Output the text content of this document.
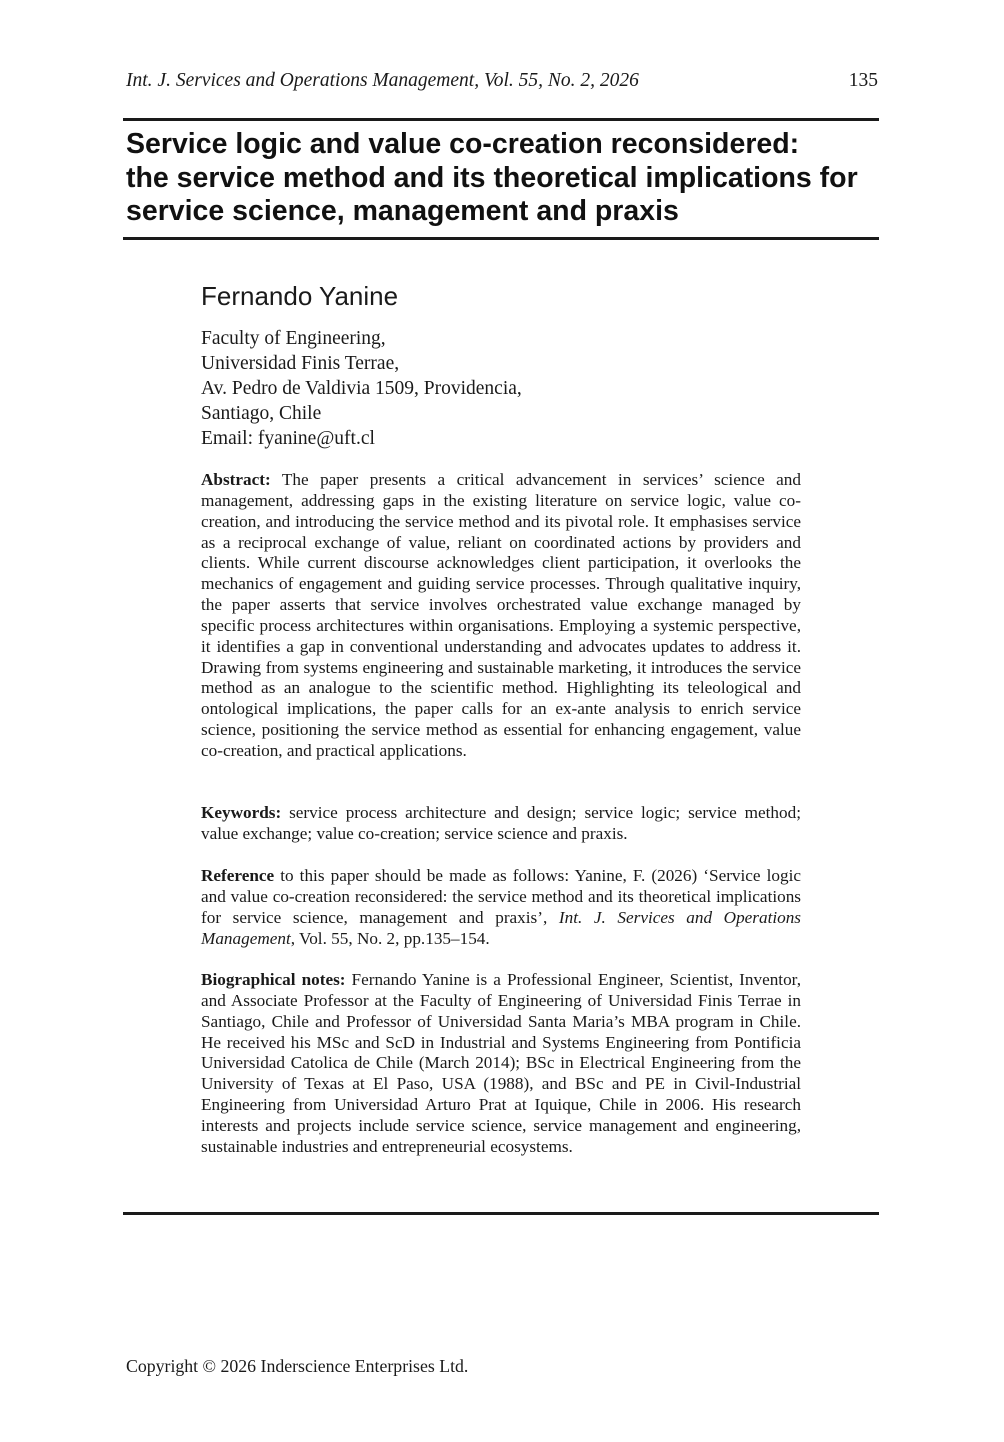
Int. J. Services and Operations Management, Vol. 55, No. 2, 2026	135
Service logic and value co-creation reconsidered:
the service method and its theoretical implications for
service science, management and praxis
Fernando Yanine
Faculty of Engineering,
Universidad Finis Terrae,
Av. Pedro de Valdivia 1509, Providencia,
Santiago, Chile
Email: fyanine@uft.cl

Abstract: The paper presents a critical advancement in services’ science and management, addressing gaps in the existing literature on service logic, value co-creation, and introducing the service method and its pivotal role. It emphasises service as a reciprocal exchange of value, reliant on coordinated actions by providers and clients. While current discourse acknowledges client participation, it overlooks the mechanics of engagement and guiding service processes. Through qualitative inquiry, the paper asserts that service involves orchestrated value exchange managed by specific process architectures within organisations. Employing a systemic perspective, it identifies a gap in conventional understanding and advocates updates to address it. Drawing from systems engineering and sustainable marketing, it introduces the service method as an analogue to the scientific method. Highlighting its teleological and ontological implications, the paper calls for an ex-ante analysis to enrich service science, positioning the service method as essential for enhancing engagement, value co-creation, and practical applications.

Keywords: service process architecture and design; service logic; service method; value exchange; value co-creation; service science and praxis.

Reference to this paper should be made as follows: Yanine, F. (2026) ‘Service logic and value co-creation reconsidered: the service method and its theoretical implications for service science, management and praxis’, Int. J. Services and Operations Management, Vol. 55, No. 2, pp.135–154.

Biographical notes: Fernando Yanine is a Professional Engineer, Scientist, Inventor, and Associate Professor at the Faculty of Engineering of Universidad Finis Terrae in Santiago, Chile and Professor of Universidad Santa Maria’s MBA program in Chile. He received his MSc and ScD in Industrial and Systems Engineering from Pontificia Universidad Catolica de Chile (March 2014); BSc in Electrical Engineering from the University of Texas at El Paso, USA (1988), and BSc and PE in Civil-Industrial Engineering from Universidad Arturo Prat at Iquique, Chile in 2006. His research interests and projects include service science, service management and engineering, sustainable industries and entrepreneurial ecosystems.

Copyright © 2026 Inderscience Enterprises Ltd.
